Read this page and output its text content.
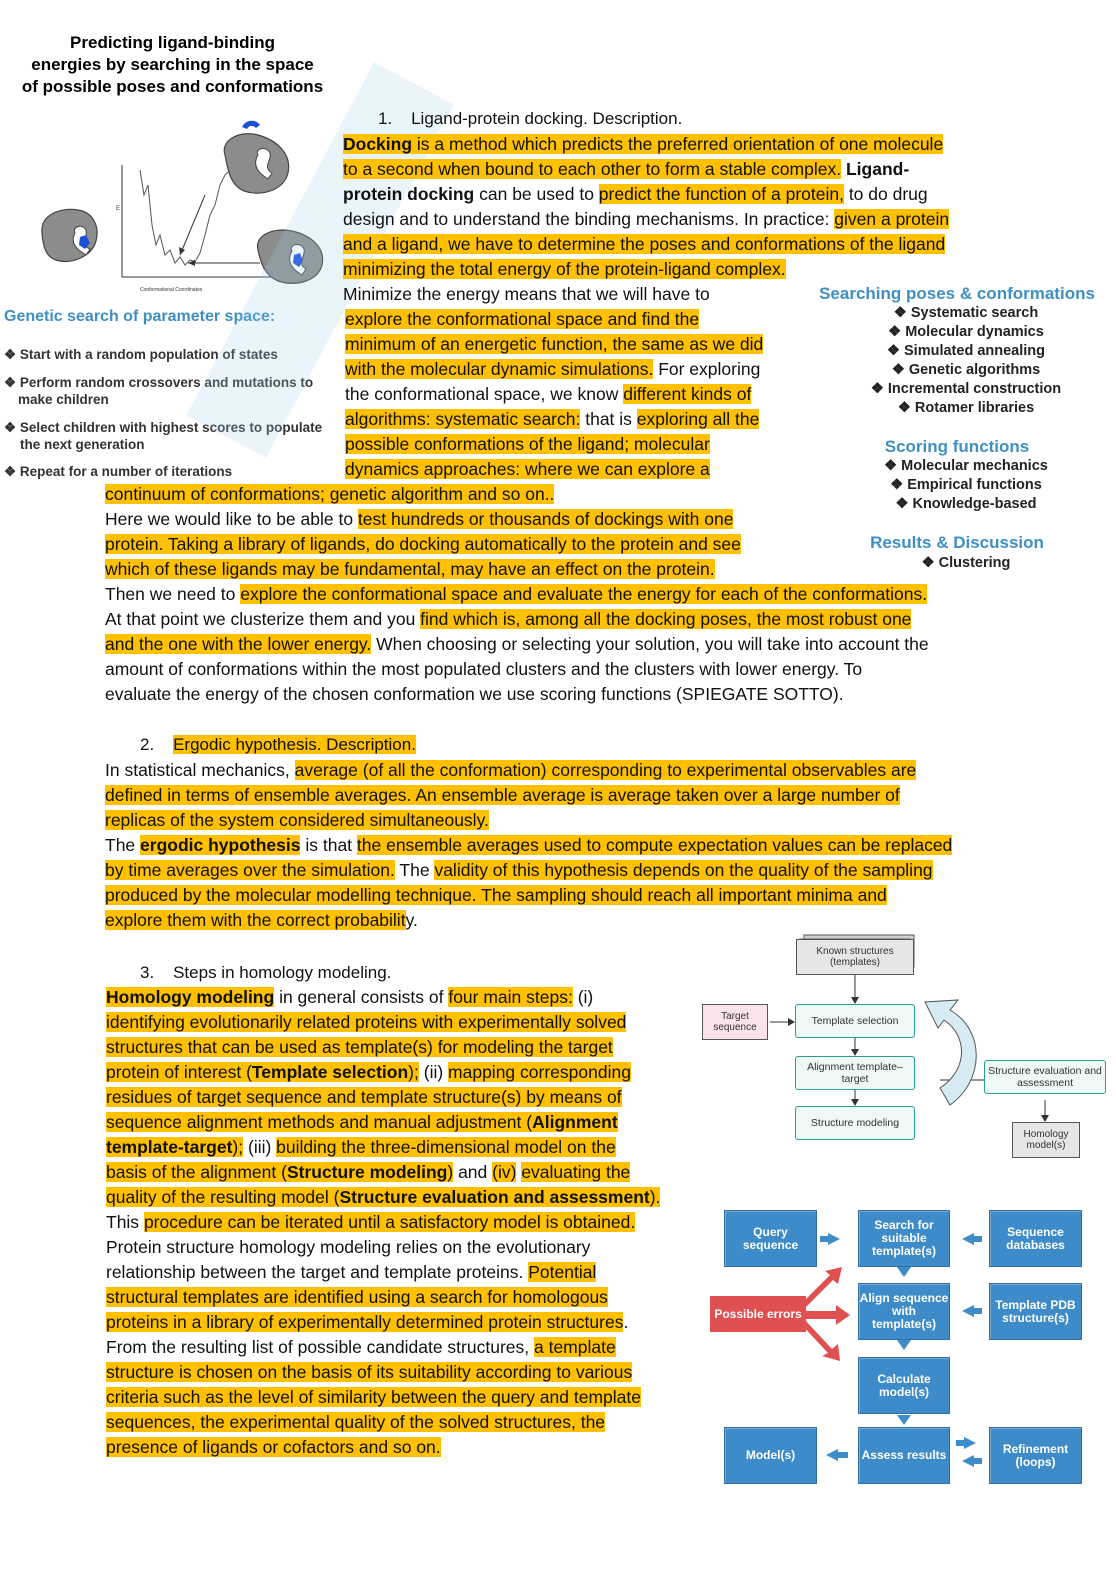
Predicting ligand-binding
energies by searching in the space
of possible poses and conformations
E
Conformational Coordinates
Genetic search of parameter space:
❖ Start with a random population of states
❖ Perform random crossovers and mutations to
make children
❖ Select children with highest scores to populate
the next generation
❖ Repeat for a number of iterations
Searching poses & conformations
❖ Systematic search
❖ Molecular dynamics
❖ Simulated annealing
❖ Genetic algorithms
❖ Incremental construction
❖ Rotamer libraries
Scoring functions
❖ Molecular mechanics
❖ Empirical functions
❖ Knowledge-based
Results & Discussion
❖ Clustering
1. Ligand-protein docking. Description.
Docking is a method which predicts the preferred orientation of one molecule
to a second when bound to each other to form a stable complex. Ligand-
protein docking can be used to predict the function of a protein, to do drug
design and to understand the binding mechanisms. In practice: given a protein
and a ligand, we have to determine the poses and conformations of the ligand
minimizing the total energy of the protein-ligand complex.
Minimize the energy means that we will have to
explore the conformational space and find the
minimum of an energetic function, the same as we did
with the molecular dynamic simulations. For exploring
the conformational space, we know different kinds of
algorithms: systematic search: that is exploring all the
possible conformations of the ligand; molecular
dynamics approaches: where we can explore a
continuum of conformations; genetic algorithm and so on..
Here we would like to be able to test hundreds or thousands of dockings with one
protein. Taking a library of ligands, do docking automatically to the protein and see
which of these ligands may be fundamental, may have an effect on the protein.
Then we need to explore the conformational space and evaluate the energy for each of the conformations.
At that point we clusterize them and you find which is, among all the docking poses, the most robust one
and the one with the lower energy. When choosing or selecting your solution, you will take into account the
amount of conformations within the most populated clusters and the clusters with lower energy. To
evaluate the energy of the chosen conformation we use scoring functions (SPIEGATE SOTTO).
2. Ergodic hypothesis. Description.
In statistical mechanics, average (of all the conformation) corresponding to experimental observables are
defined in terms of ensemble averages. An ensemble average is average taken over a large number of
replicas of the system considered simultaneously.
The ergodic hypothesis is that the ensemble averages used to compute expectation values can be replaced
by time averages over the simulation. The validity of this hypothesis depends on the quality of the sampling
produced by the molecular modelling technique. The sampling should reach all important minima and
explore them with the correct probability.
3. Steps in homology modeling.
Homology modeling in general consists of four main steps: (i)
identifying evolutionarily related proteins with experimentally solved
structures that can be used as template(s) for modeling the target
protein of interest (Template selection); (ii) mapping corresponding
residues of target sequence and template structure(s) by means of
sequence alignment methods and manual adjustment (Alignment
template-target); (iii) building the three-dimensional model on the
basis of the alignment (Structure modeling) and (iv) evaluating the
quality of the resulting model (Structure evaluation and assessment).
This procedure can be iterated until a satisfactory model is obtained.
Protein structure homology modeling relies on the evolutionary
relationship between the target and template proteins. Potential
structural templates are identified using a search for homologous
proteins in a library of experimentally determined protein structures.
From the resulting list of possible candidate structures, a template
structure is chosen on the basis of its suitability according to various
criteria such as the level of similarity between the query and template
sequences, the experimental quality of the solved structures, the
presence of ligands or cofactors and so on.
Known structures (templates)
Target sequence
Template selection
Alignment template–target
Structure modeling
Structure evaluation and assessment
Homology model(s)
Query sequence
Search for suitable template(s)
Sequence databases
Possible errors
Align sequence with template(s)
Template PDB structure(s)
Calculate model(s)
Model(s)	Assess results	Refinement (loops)
